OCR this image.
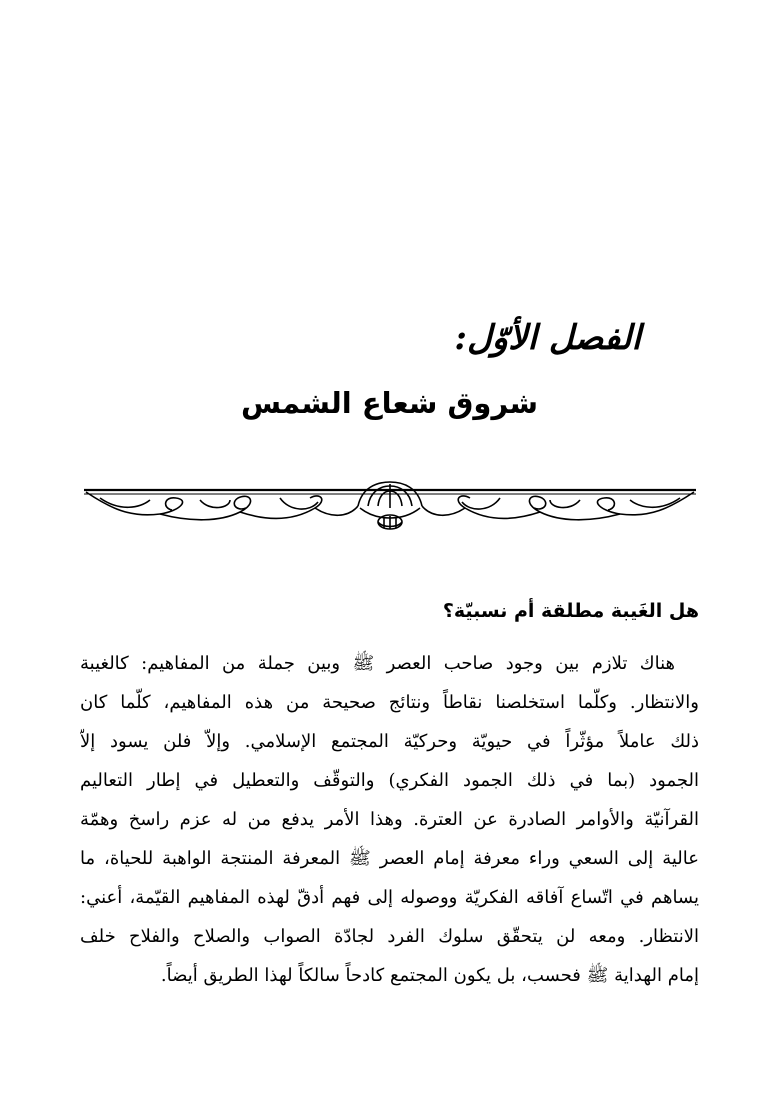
الفصل الأوّل:
شروق شعاع الشمس
هل الغَيبة مطلقة أم نسبيّة؟
هناك تلازم بين وجود صاحب العصر ﷺ وبين جملة من المفاهيم: كالغيبة
والانتظار. وكلّما استخلصنا نقاطاً ونتائج صحيحة من هذه المفاهيم، كلّما كان
ذلك عاملاً مؤثّراً في حيويّة وحركيّة المجتمع الإسلامي. وإلاّ فلن يسود إلاّ
الجمود (بما في ذلك الجمود الفكري) والتوقّف والتعطيل في إطار التعاليم
القرآنيّة والأوامر الصادرة عن العترة. وهذا الأمر يدفع من له عزم راسخ وهمّة
عالية إلى السعي وراء معرفة إمام العصر ﷺ المعرفة المنتجة الواهبة للحياة، ما
يساهم في اتّساع آفاقه الفكريّة ووصوله إلى فهم أدقّ لهذه المفاهيم القيّمة، أعني:
الانتظار. ومعه لن يتحقّق سلوك الفرد لجادّة الصواب والصلاح والفلاح خلف
إمام الهداية ﷺ فحسب، بل يكون المجتمع كادحاً سالكاً لهذا الطريق أيضاً.
